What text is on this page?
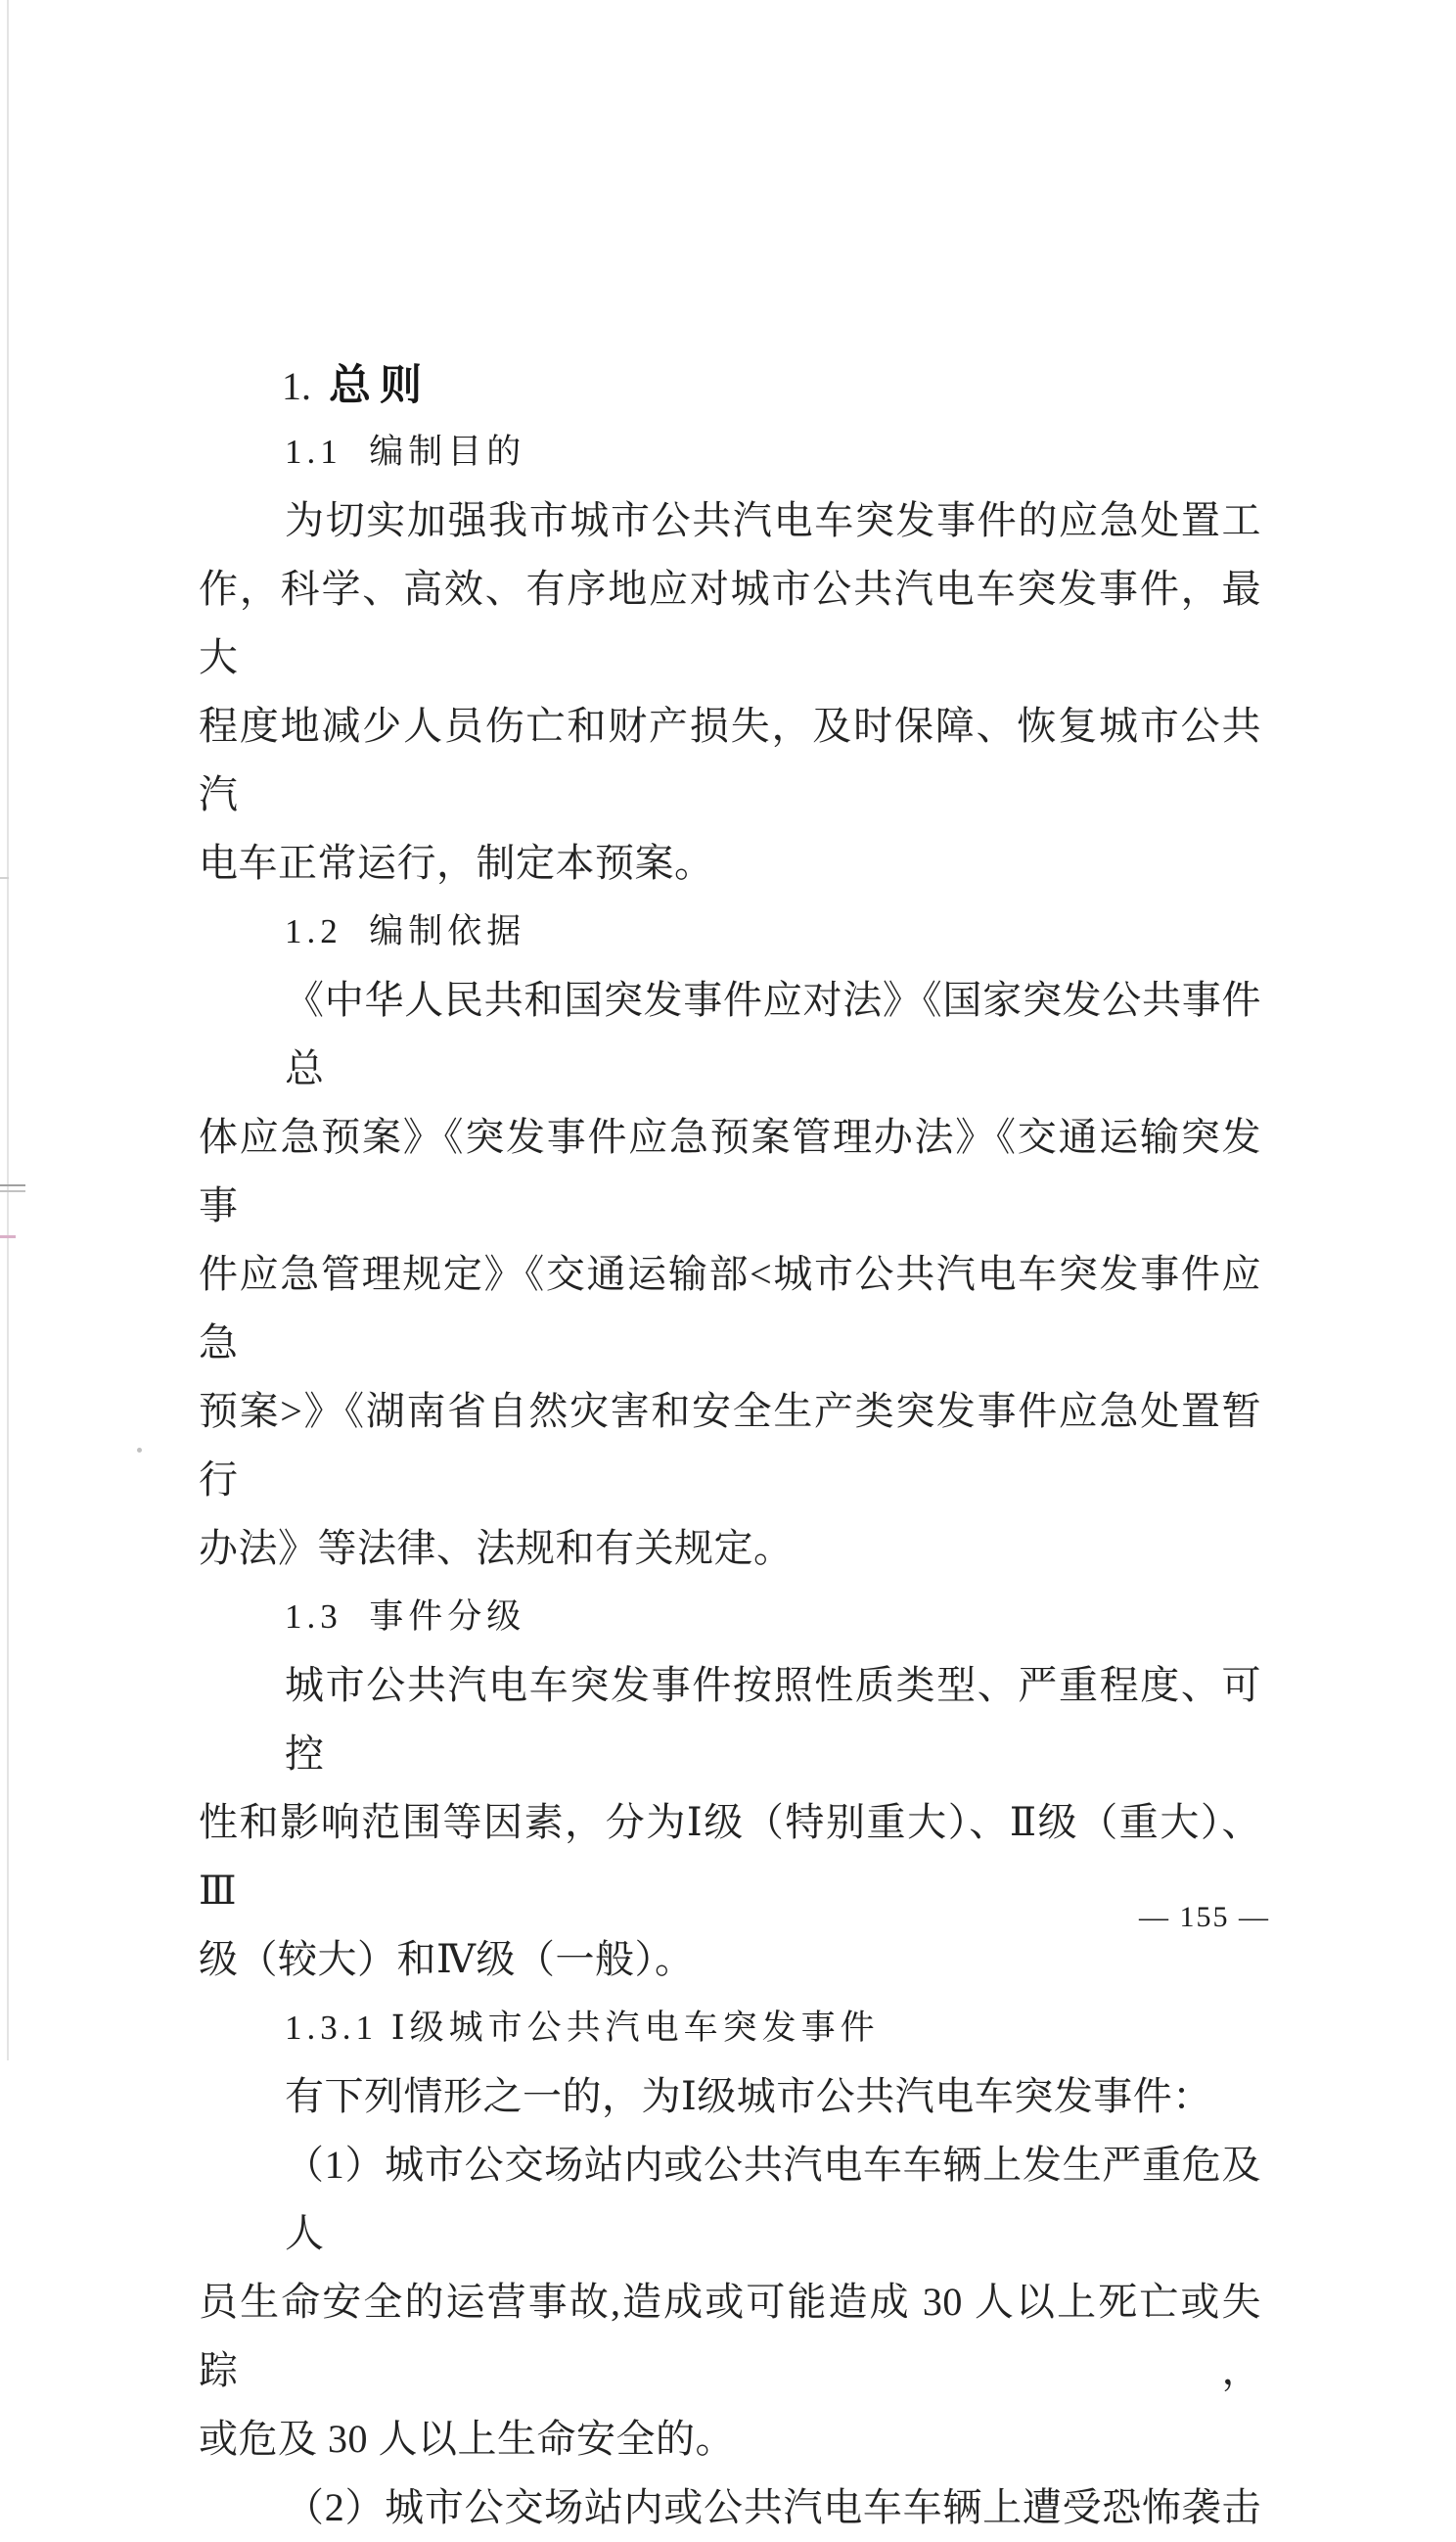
1. 总则
1.1  编制目的
为切实加强我市城市公共汽电车突发事件的应急处置工
作，科学、高效、有序地应对城市公共汽电车突发事件，最大
程度地减少人员伤亡和财产损失，及时保障、恢复城市公共汽
电车正常运行，制定本预案。
1.2  编制依据
《中华人民共和国突发事件应对法》《国家突发公共事件总
体应急预案》《突发事件应急预案管理办法》《交通运输突发事
件应急管理规定》《交通运输部<城市公共汽电车突发事件应急
预案>》《湖南省自然灾害和安全生产类突发事件应急处置暂行
办法》等法律、法规和有关规定。
1.3  事件分级
城市公共汽电车突发事件按照性质类型、严重程度、可控
性和影响范围等因素，分为Ⅰ级（特别重大）、Ⅱ级（重大）、Ⅲ
级（较大）和Ⅳ级（一般）。
1.3.1 Ⅰ级城市公共汽电车突发事件
有下列情形之一的，为Ⅰ级城市公共汽电车突发事件：
（1）城市公交场站内或公共汽电车车辆上发生严重危及人
员生命安全的运营事故,造成或可能造成 30 人以上死亡或失踪，
或危及 30 人以上生命安全的。
（2）城市公交场站内或公共汽电车车辆上遭受恐怖袭击
— 155 —
